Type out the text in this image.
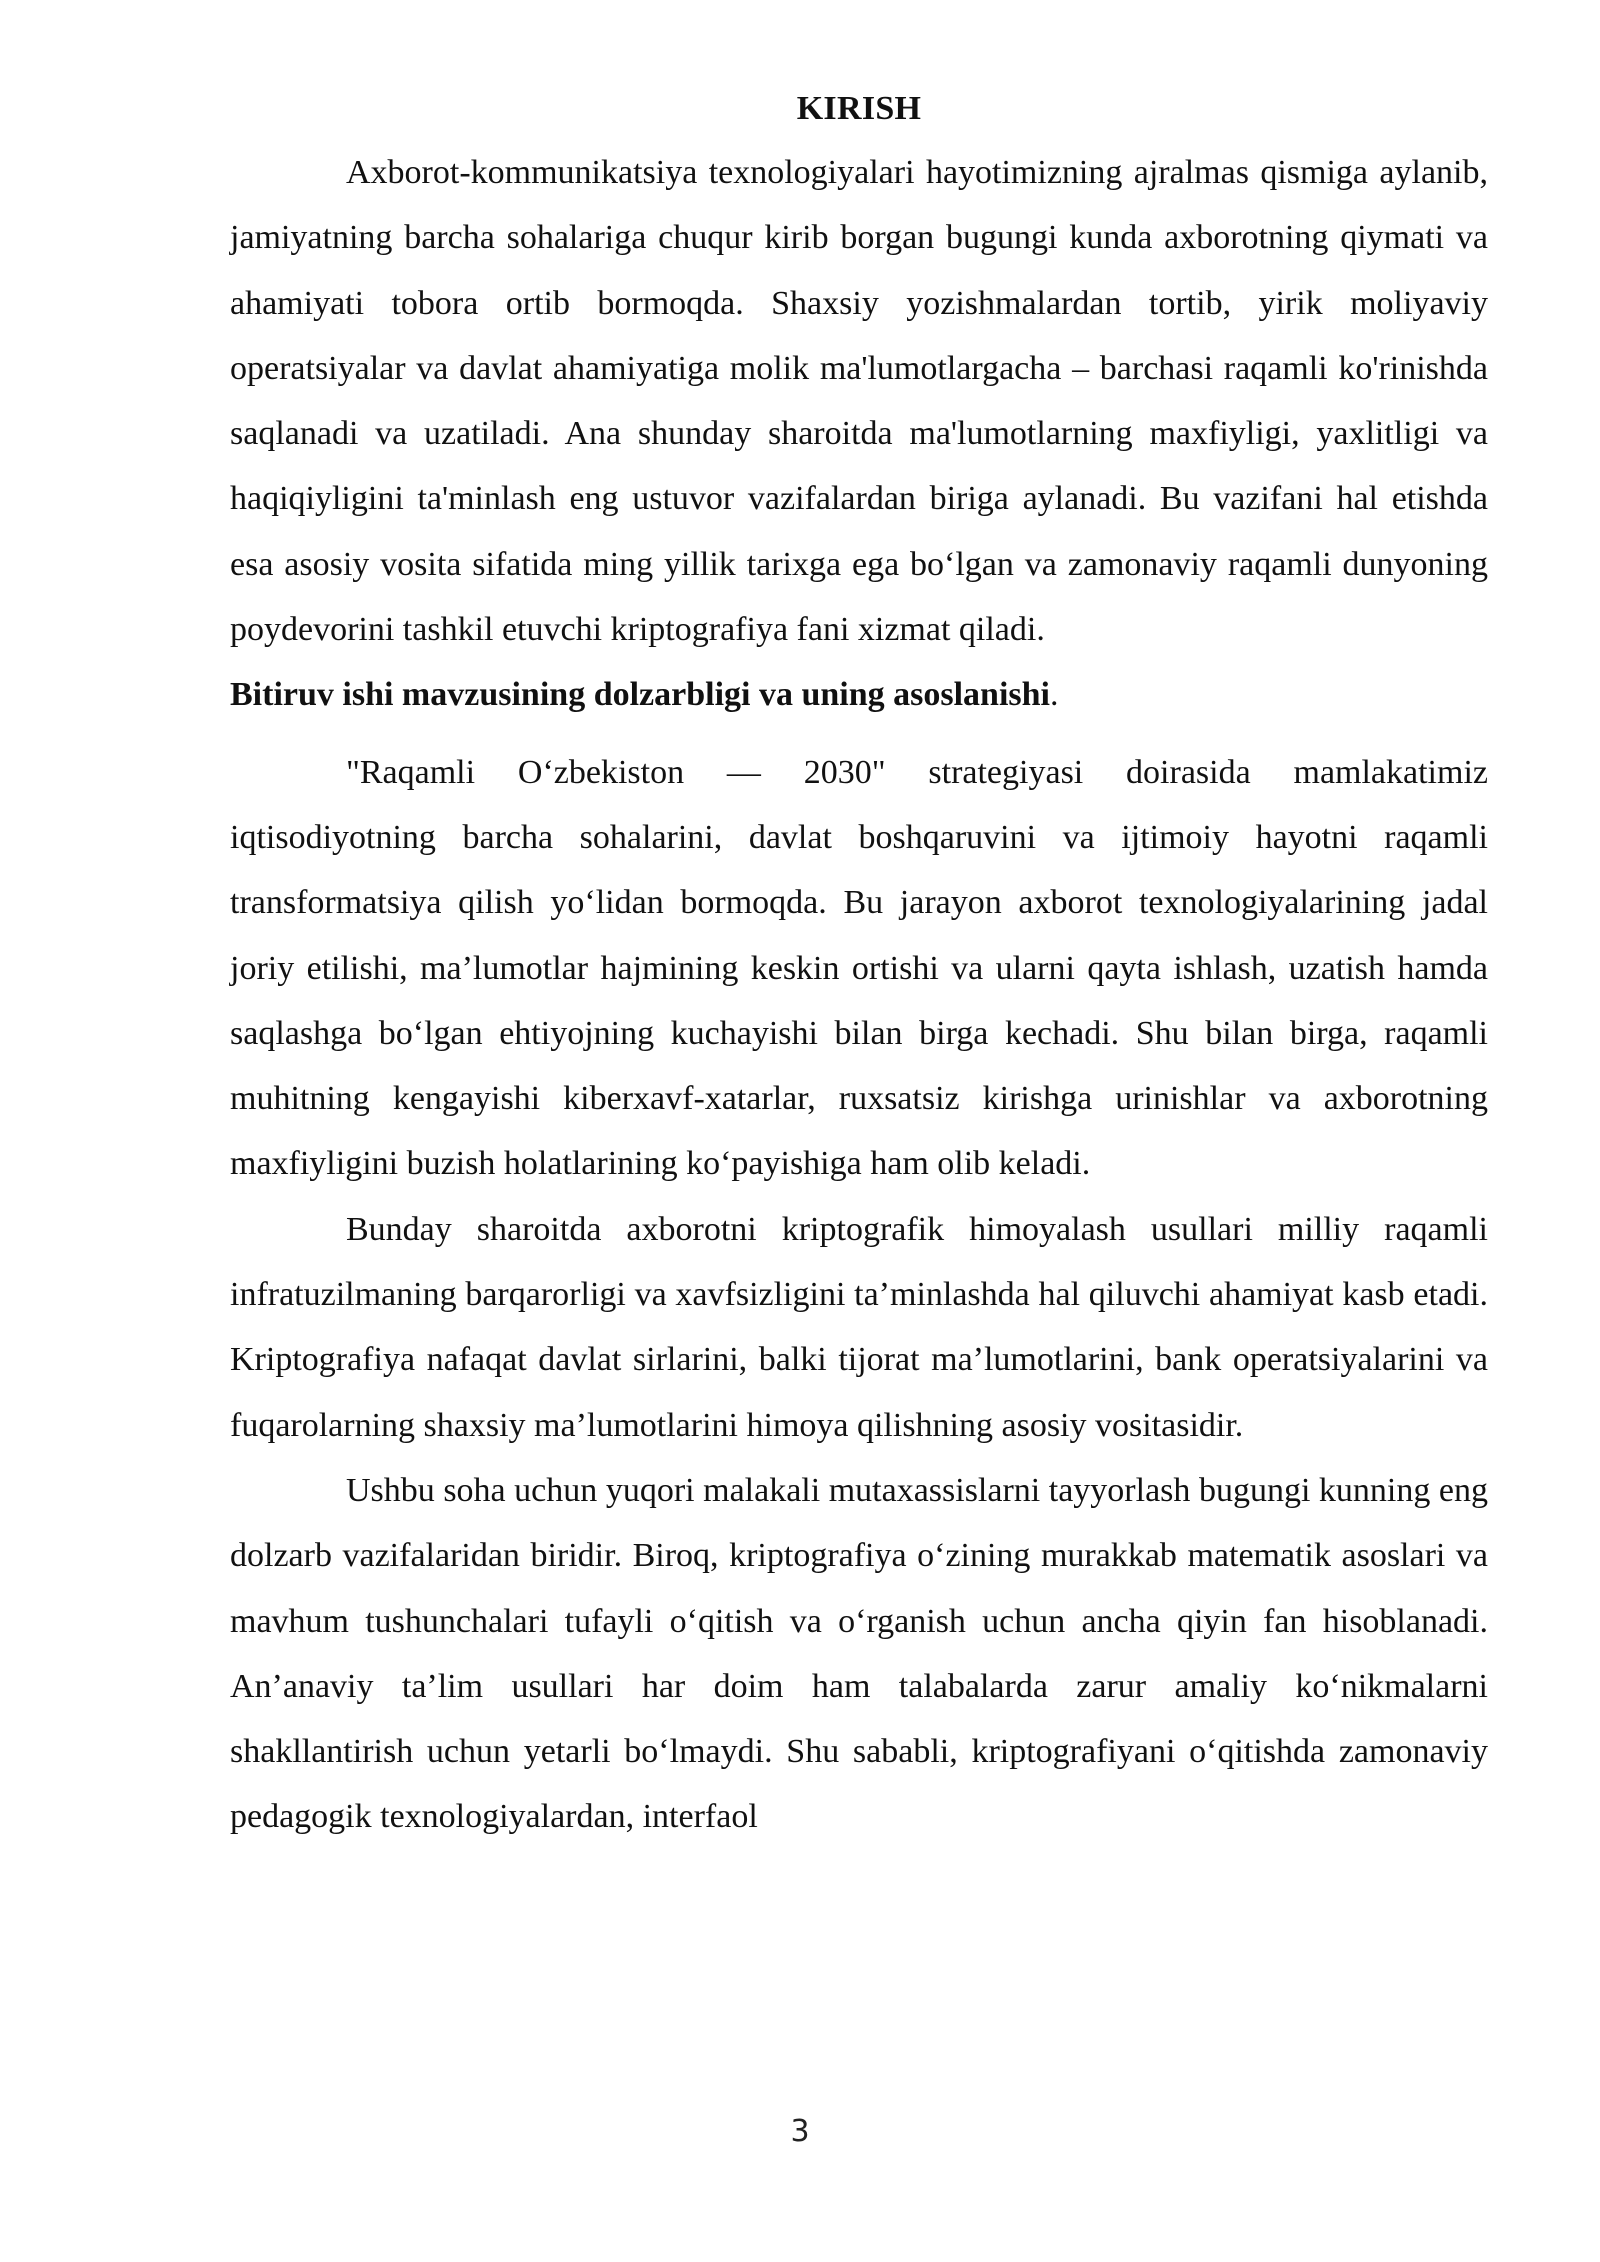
KIRISH

Axborot-kommunikatsiya texnologiyalari hayotimizning ajralmas qismiga aylanib, jamiyatning barcha sohalariga chuqur kirib borgan bugungi kunda axborotning qiymati va ahamiyati tobora ortib bormoqda. Shaxsiy yozishmalardan tortib, yirik moliyaviy operatsiyalar va davlat ahamiyatiga molik ma'lumotlargacha – barchasi raqamli ko'rinishda saqlanadi va uzatiladi. Ana shunday sharoitda ma'lumotlarning maxfiyligi, yaxlitligi va haqiqiyligini ta'minlash eng ustuvor vazifalardan biriga aylanadi. Bu vazifani hal etishda esa asosiy vosita sifatida ming yillik tarixga ega boʻlgan va zamonaviy raqamli dunyoning poydevorini tashkil etuvchi kriptografiya fani xizmat qiladi.

Bitiruv ishi mavzusining dolzarbligi va uning asoslanishi.

"Raqamli Oʻzbekiston — 2030" strategiyasi doirasida mamlakatimiz iqtisodiyotning barcha sohalarini, davlat boshqaruvini va ijtimoiy hayotni raqamli transformatsiya qilish yoʻlidan bormoqda. Bu jarayon axborot texnologiyalarining jadal joriy etilishi, ma’lumotlar hajmining keskin ortishi va ularni qayta ishlash, uzatish hamda saqlashga boʻlgan ehtiyojning kuchayishi bilan birga kechadi. Shu bilan birga, raqamli muhitning kengayishi kiberxavf-xatarlar, ruxsatsiz kirishga urinishlar va axborotning maxfiyligini buzish holatlarining koʻpayishiga ham olib keladi.

Bunday sharoitda axborotni kriptografik himoyalash usullari milliy raqamli infratuzilmaning barqarorligi va xavfsizligini ta’minlashda hal qiluvchi ahamiyat kasb etadi. Kriptografiya nafaqat davlat sirlarini, balki tijorat ma’lumotlarini, bank operatsiyalarini va fuqarolarning shaxsiy ma’lumotlarini himoya qilishning asosiy vositasidir.

Ushbu soha uchun yuqori malakali mutaxassislarni tayyorlash bugungi kunning eng dolzarb vazifalaridan biridir. Biroq, kriptografiya oʻzining murakkab matematik asoslari va mavhum tushunchalari tufayli oʻqitish va oʻrganish uchun ancha qiyin fan hisoblanadi. An’anaviy ta’lim usullari har doim ham talabalarda zarur amaliy koʻnikmalarni shakllantirish uchun yetarli boʻlmaydi. Shu sababli, kriptografiyani oʻqitishda zamonaviy pedagogik texnologiyalardan, interfaol

3
